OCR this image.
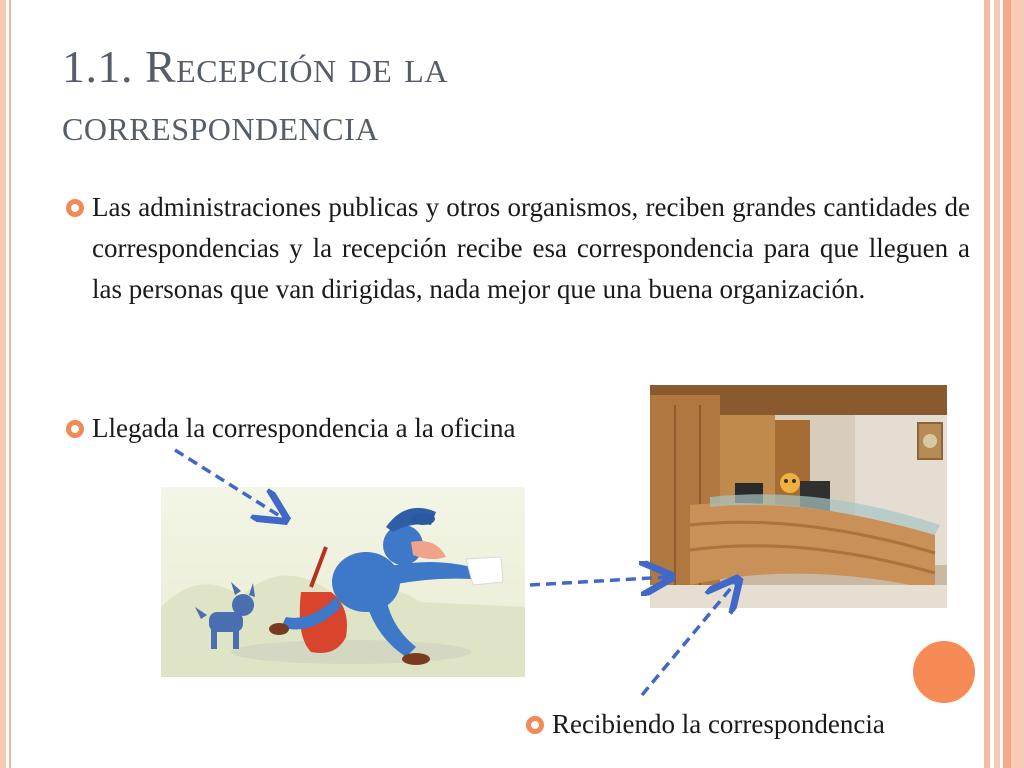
1.1. Recepción de la
correspondencia
Las administraciones publicas y otros organismos, reciben grandes cantidades de correspondencias y la recepción recibe esa correspondencia para que lleguen a las personas que van dirigidas, nada mejor que una buena organización.
Llegada la correspondencia a la oficina
Recibiendo la correspondencia
